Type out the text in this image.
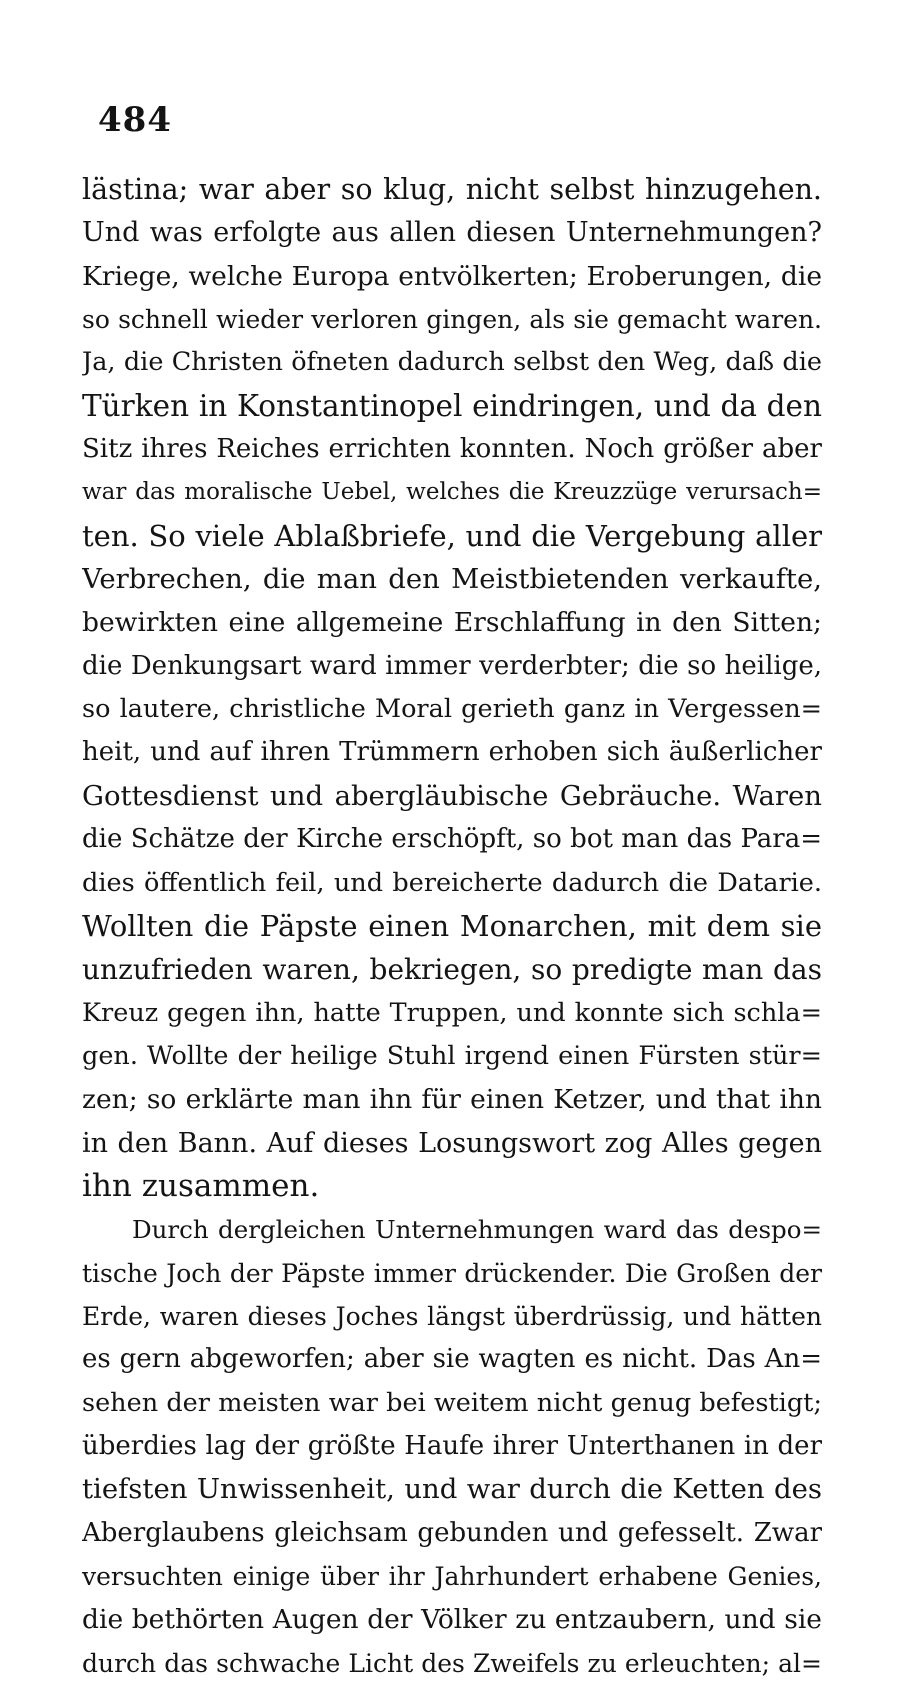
484
lästina; war aber so klug, nicht selbst hinzugehen.
Und was erfolgte aus allen diesen Unternehmungen?
Kriege, welche Europa entvölkerten; Eroberungen, die
so schnell wieder verloren gingen, als sie gemacht waren.
Ja, die Christen öfneten dadurch selbst den Weg, daß die
Türken in Konstantinopel eindringen, und da den
Sitz ihres Reiches errichten konnten. Noch größer aber
war das moralische Uebel, welches die Kreuzzüge verursach=
ten. So viele Ablaßbriefe, und die Vergebung aller
Verbrechen, die man den Meistbietenden verkaufte,
bewirkten eine allgemeine Erschlaffung in den Sitten;
die Denkungsart ward immer verderbter; die so heilige,
so lautere, christliche Moral gerieth ganz in Vergessen=
heit, und auf ihren Trümmern erhoben sich äußerlicher
Gottesdienst und abergläubische Gebräuche. Waren
die Schätze der Kirche erschöpft, so bot man das Para=
dies öffentlich feil, und bereicherte dadurch die Datarie.
Wollten die Päpste einen Monarchen, mit dem sie
unzufrieden waren, bekriegen, so predigte man das
Kreuz gegen ihn, hatte Truppen, und konnte sich schla=
gen. Wollte der heilige Stuhl irgend einen Fürsten stür=
zen; so erklärte man ihn für einen Ketzer, und that ihn
in den Bann. Auf dieses Losungswort zog Alles gegen
ihn zusammen.
Durch dergleichen Unternehmungen ward das despo=
tische Joch der Päpste immer drückender. Die Großen der
Erde, waren dieses Joches längst überdrüssig, und hätten
es gern abgeworfen; aber sie wagten es nicht. Das An=
sehen der meisten war bei weitem nicht genug befestigt;
überdies lag der größte Haufe ihrer Unterthanen in der
tiefsten Unwissenheit, und war durch die Ketten des
Aberglaubens gleichsam gebunden und gefesselt. Zwar
versuchten einige über ihr Jahrhundert erhabene Genies,
die bethörten Augen der Völker zu entzaubern, und sie
durch das schwache Licht des Zweifels zu erleuchten; al=
